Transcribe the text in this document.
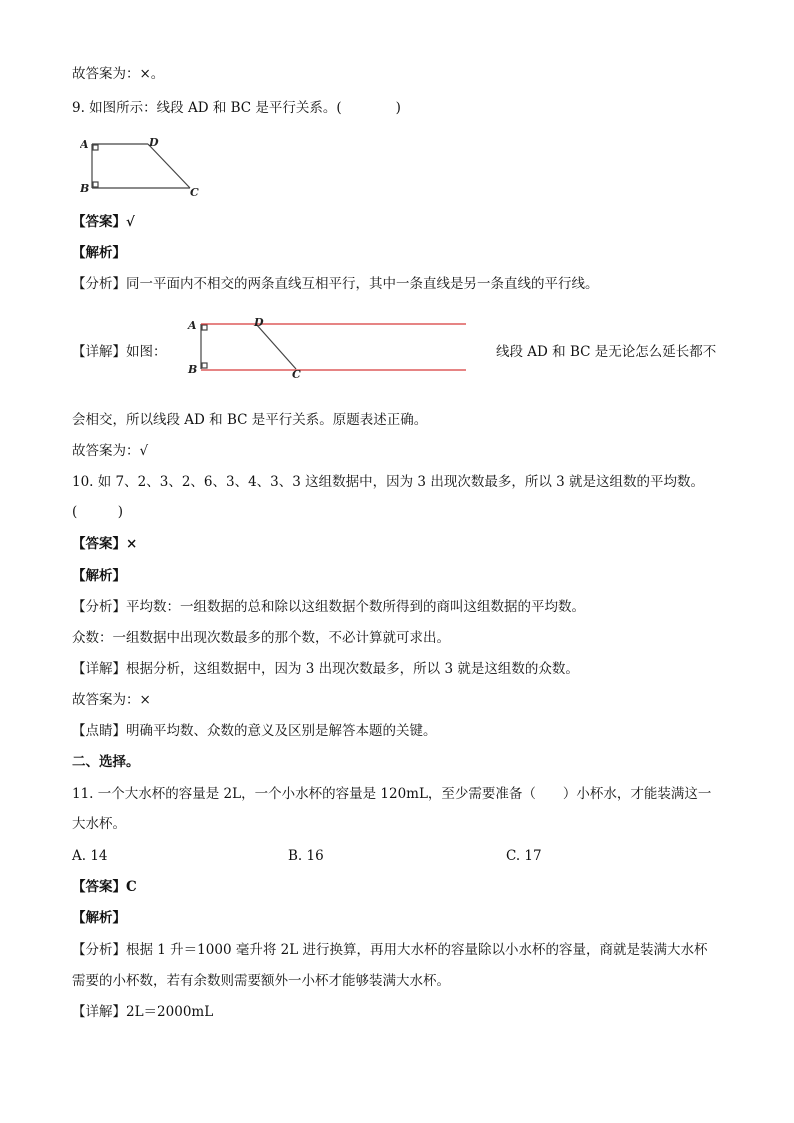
故答案为：×。
9. 如图所示：线段 AD 和 BC 是平行关系。(　　　　)
A	D
B	C
【答案】√
【解析】
【分析】同一平面内不相交的两条直线互相平行，其中一条直线是另一条直线的平行线。
【详解】如图：
A	D
B	C
线段 AD 和 BC 是无论怎么延长都不
会相交，所以线段 AD 和 BC 是平行关系。原题表述正确。
故答案为：√
10. 如 7、2、3、2、6、3、4、3、3 这组数据中，因为 3 出现次数最多，所以 3 就是这组数的平均数。
(　　　)
【答案】×
【解析】
【分析】平均数：一组数据的总和除以这组数据个数所得到的商叫这组数据的平均数。
众数：一组数据中出现次数最多的那个数，不必计算就可求出。
【详解】根据分析，这组数据中，因为 3 出现次数最多，所以 3 就是这组数的众数。
故答案为：×
【点睛】明确平均数、众数的意义及区别是解答本题的关键。
二、选择。
11. 一个大水杯的容量是 2L，一个小水杯的容量是 120mL，至少需要准备（　　）小杯水，才能装满这一
大水杯。
A. 14	B. 16	C. 17
【答案】C
【解析】
【分析】根据 1 升＝1000 毫升将 2L 进行换算，再用大水杯的容量除以小水杯的容量，商就是装满大水杯
需要的小杯数，若有余数则需要额外一小杯才能够装满大水杯。
【详解】2L＝2000mL
